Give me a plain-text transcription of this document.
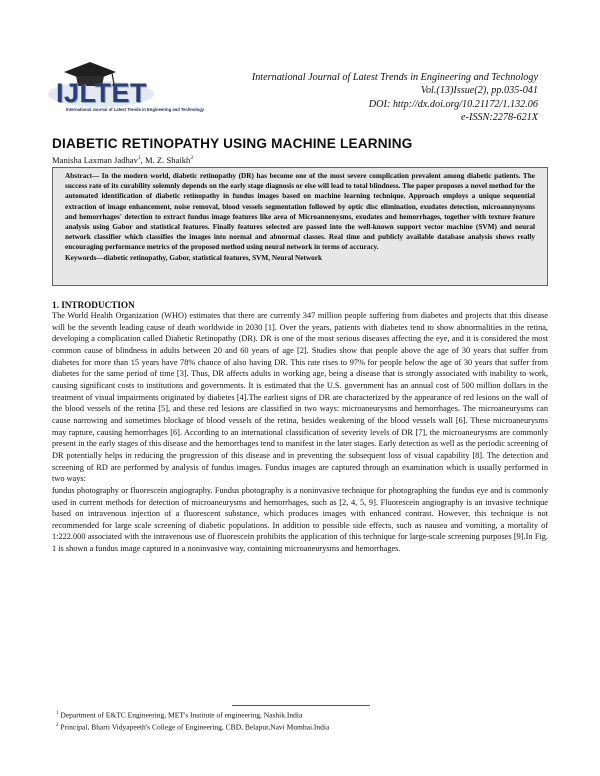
IJLTET
International Journal of Latest Trends in Engineering and Technology
International Journal of Latest Trends in Engineering and Technology
Vol.(13)Issue(2), pp.035-041
DOI: http://dx.doi.org/10.21172/1.132.06
e-ISSN:2278-621X
DIABETIC RETINOPATHY USING MACHINE LEARNING
Manisha Laxman Jadhav$^1$, M. Z. Shaikh$^2$
Abstract— In the modern world, diabetic retinopathy (DR) has become one of the most severe complication prevalent among diabetic patients. The success rate of its curability solemnly depends on the early stage diagnosis or else will lead to total blindness. The paper proposes a novel method for the automated identification of diabetic retinopathy in fundus images based on machine learning technique. Approach employs a unique sequential extraction of image enhancement, noise removal, blood vessels segmentation followed by optic disc elimination, exudates detection, microannynysms and hemorrhages' detection to extract fundus image features like area of Microannenysms, exudates and hemorrhages, together with texture feature analysis using Gabor and statistical features. Finally features selected are passed into the well-known support vector machine (SVM) and neural network classifier which classifies the images into normal and abnormal classes. Real time and publicly available database analysis shows really encouraging performance metrics of the proposed method using neural network in terms of accuracy.
Keywords—diabetic retinopathy, Gabor, statistical features, SVM, Neural Network
1. INTRODUCTION

The World Health Organization (WHO) estimates that there are currently 347 million people suffering from diabetes and projects that this disease will be the seventh leading cause of death worldwide in 2030 [1]. Over the years, patients with diabetes tend to show abnormalities in the retina, developing a complication called Diabetic Retinopathy (DR). DR is one of the most serious diseases affecting the eye, and it is considered the most common cause of blindness in adults between 20 and 60 years of age [2]. Studies show that people above the age of 30 years that suffer from diabetes for more than 15 years have 78% chance of also having DR. This rate rises to 97% for people below the age of 30 years that suffer from diabetes for the same period of time [3]. Thus, DR affects adults in working age, being a disease that is strongly associated with inability to work, causing significant costs to institutions and governments. It is estimated that the U.S. government has an annual cost of 500 million dollars in the treatment of visual impairments originated by diabetes [4].The earliest signs of DR are characterized by the appearance of red lesions on the wall of the blood vessels of the retina [5], and these red lesions are classified in two ways: microaneurysms and hemorrhages. The microaneurysms can cause narrowing and sometimes blockage of blood vessels of the retina, besides weakening of the blood vessels wall [6]. These microaneurysms may rapture, causing hemorrhages [6]. According to an international classification of severity levels of DR [7], the microaneurysms are commonly present in the early stages of this disease and the hemorrhages tend to manifest in the later stages. Early detection as well as the periodic screening of DR potentially helps in reducing the progression of this disease and in preventing the subsequent loss of visual capability [8]. The detection and screening of RD are performed by analysis of fundus images. Fundus images are captured through an examination which is usually performed in two ways:

fundus photography or fluorescein angiography. Fundus photography is a noninvasive technique for photographing the fundus eye and is commonly used in current methods for detection of microaneurysms and hemorrhages, such as [2, 4, 5, 9]. Fluorescein angiography is an invasive technique based on intravenous injection of a fluorescent substance, which produces images with enhanced contrast. However, this technique is not recommended for large scale screening of diabetic populations. In addition to possible side effects, such as nausea and vomiting, a mortality of 1:222.000 associated with the intravenous use of fluorescein prohibits the application of this technique for large-scale screening purposes [9].In Fig. 1 is shown a fundus image captured in a noninvasive way, containing microaneurysms and hemorrhages.

$^1$ Department of E&TC Engineering, MET's Institute of engineering, Nashik.India
$^2$ Principal, Bharti Vidyapeeth's College of Engineering, CBD, Belapur,Navi Mumbai.India
